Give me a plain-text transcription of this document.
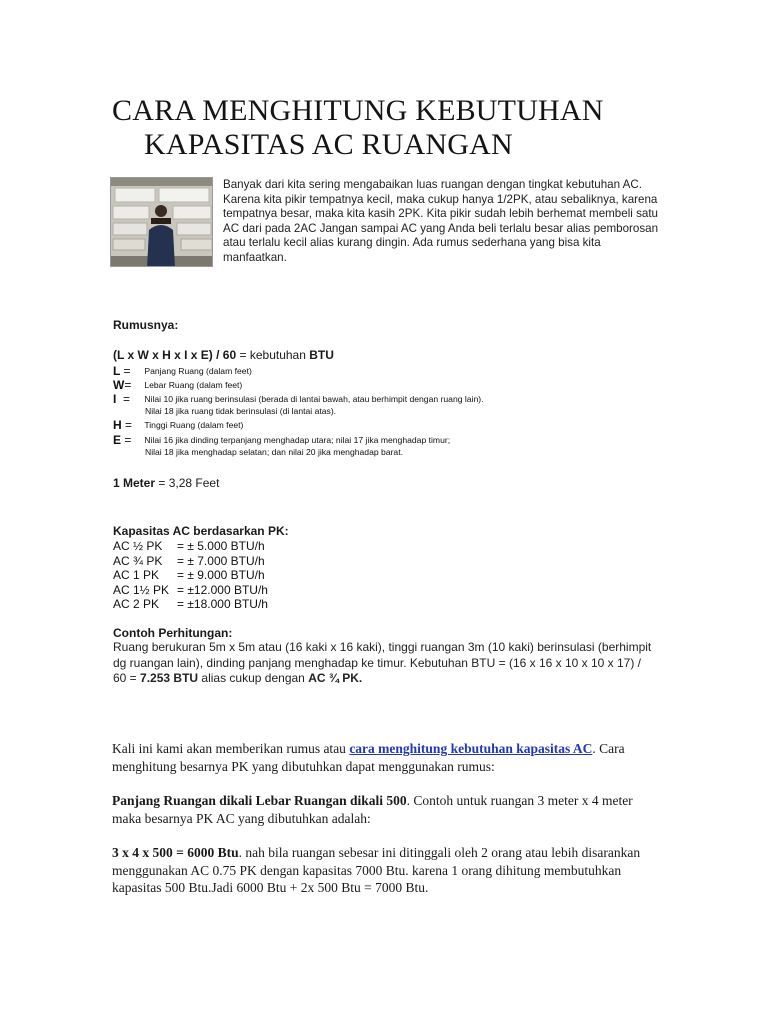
CARA MENGHITUNG KEBUTUHAN
KAPASITAS AC RUANGAN

Banyak dari kita sering mengabaikan luas ruangan dengan tingkat kebutuhan AC. Karena kita pikir tempatnya kecil, maka cukup hanya 1/2PK, atau sebaliknya, karena tempatnya besar, maka kita kasih 2PK. Kita pikir sudah lebih berhemat membeli satu AC dari pada 2AC Jangan sampai AC yang Anda beli terlalu besar alias pemborosan atau terlalu kecil alias kurang dingin. Ada rumus sederhana yang bisa kita manfaatkan.

Rumusnya:
(L x W x H x I x E) / 60 = kebutuhan BTU
L = Panjang Ruang (dalam feet)
W= Lebar Ruang (dalam feet)
I = Nilai 10 jika ruang berinsulasi (berada di lantai bawah, atau berhimpit dengan ruang lain).
Nilai 18 jika ruang tidak berinsulasi (di lantai atas).
H = Tinggi Ruang (dalam feet)
E = Nilai 16 jika dinding terpanjang menghadap utara; nilai 17 jika menghadap timur;
Nilai 18 jika menghadap selatan; dan nilai 20 jika menghadap barat.
1 Meter = 3,28 Feet
Kapasitas AC berdasarkan PK:
AC ½ PK = ± 5.000 BTU/h
AC ¾ PK = ± 7.000 BTU/h
AC 1 PK = ± 9.000 BTU/h
AC 1½ PK = ±12.000 BTU/h
AC 2 PK = ±18.000 BTU/h
Contoh Perhitungan:
Ruang berukuran 5m x 5m atau (16 kaki x 16 kaki), tinggi ruangan 3m (10 kaki) berinsulasi (berhimpit dg ruangan lain), dinding panjang menghadap ke timur. Kebutuhan BTU = (16 x 16 x 10 x 10 x 17) / 60 = 7.253 BTU alias cukup dengan AC ¾ PK.
Kali ini kami akan memberikan rumus atau cara menghitung kebutuhan kapasitas AC. Cara menghitung besarnya PK yang dibutuhkan dapat menggunakan rumus:
Panjang Ruangan dikali Lebar Ruangan dikali 500. Contoh untuk ruangan 3 meter x 4 meter maka besarnya PK AC yang dibutuhkan adalah:
3 x 4 x 500 = 6000 Btu. nah bila ruangan sebesar ini ditinggali oleh 2 orang atau lebih disarankan menggunakan AC 0.75 PK dengan kapasitas 7000 Btu. karena 1 orang dihitung membutuhkan kapasitas 500 Btu.Jadi 6000 Btu + 2x 500 Btu = 7000 Btu.
